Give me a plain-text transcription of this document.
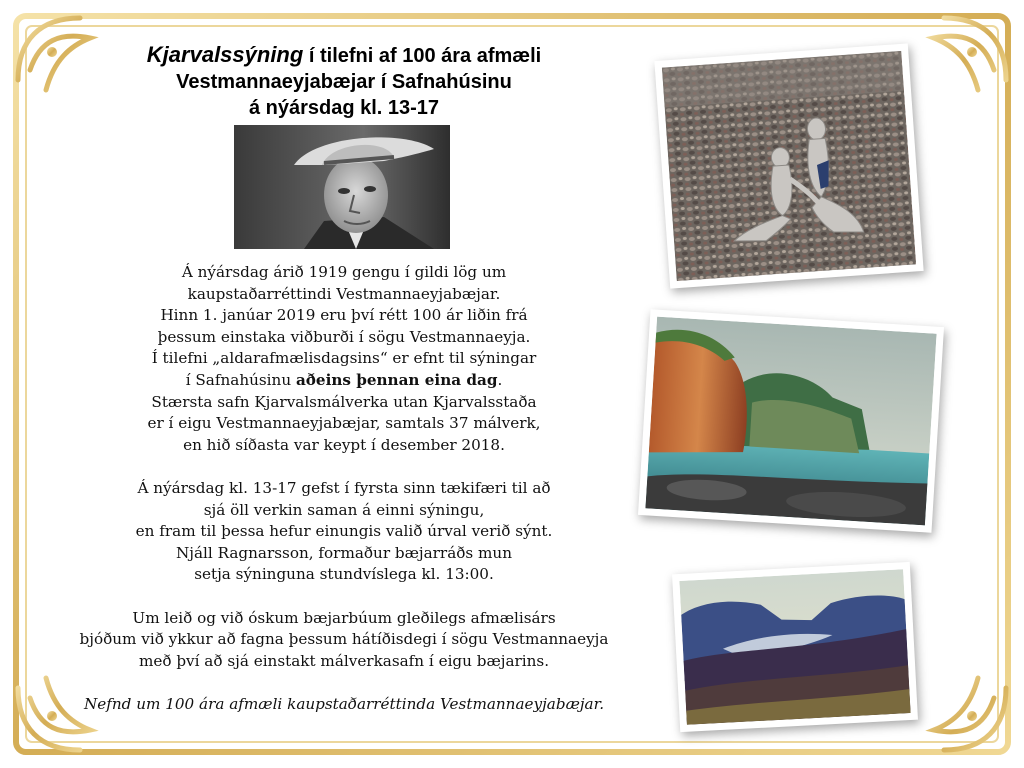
Kjarvalssýning í tilefni af 100 ára afmæli
Vestmannaeyjabæjar í Safnahúsinu
á nýársdag kl. 13-17

Á nýársdag árið 1919 gengu í gildi lög um

kaupstaðarréttindi Vestmannaeyjabæjar.

Hinn 1. janúar 2019 eru því rétt 100 ár liðin frá

þessum einstaka viðburði í sögu Vestmannaeyja.

Í tilefni „aldarafmælisdagsins“ er efnt til sýningar

í Safnahúsinu aðeins þennan eina dag.

Stærsta safn Kjarvalsmálverka utan Kjarvalsstaða

er í eigu Vestmannaeyjabæjar, samtals 37 málverk,

en hið síðasta var keypt í desember 2018.

Á nýársdag kl. 13-17 gefst í fyrsta sinn tækifæri til að

sjá öll verkin saman á einni sýningu,

en fram til þessa hefur einungis valið úrval verið sýnt.

Njáll Ragnarsson, formaður bæjarráðs mun

setja sýninguna stundvíslega kl. 13:00.

Um leið og við óskum bæjarbúum gleðilegs afmælisárs

bjóðum við ykkur að fagna þessum hátíðisdegi í sögu Vestmannaeyja

með því að sjá einstakt málverkasafn í eigu bæjarins.

Nefnd um 100 ára afmæli kaupstaðarréttinda Vestmannaeyjabæjar.
